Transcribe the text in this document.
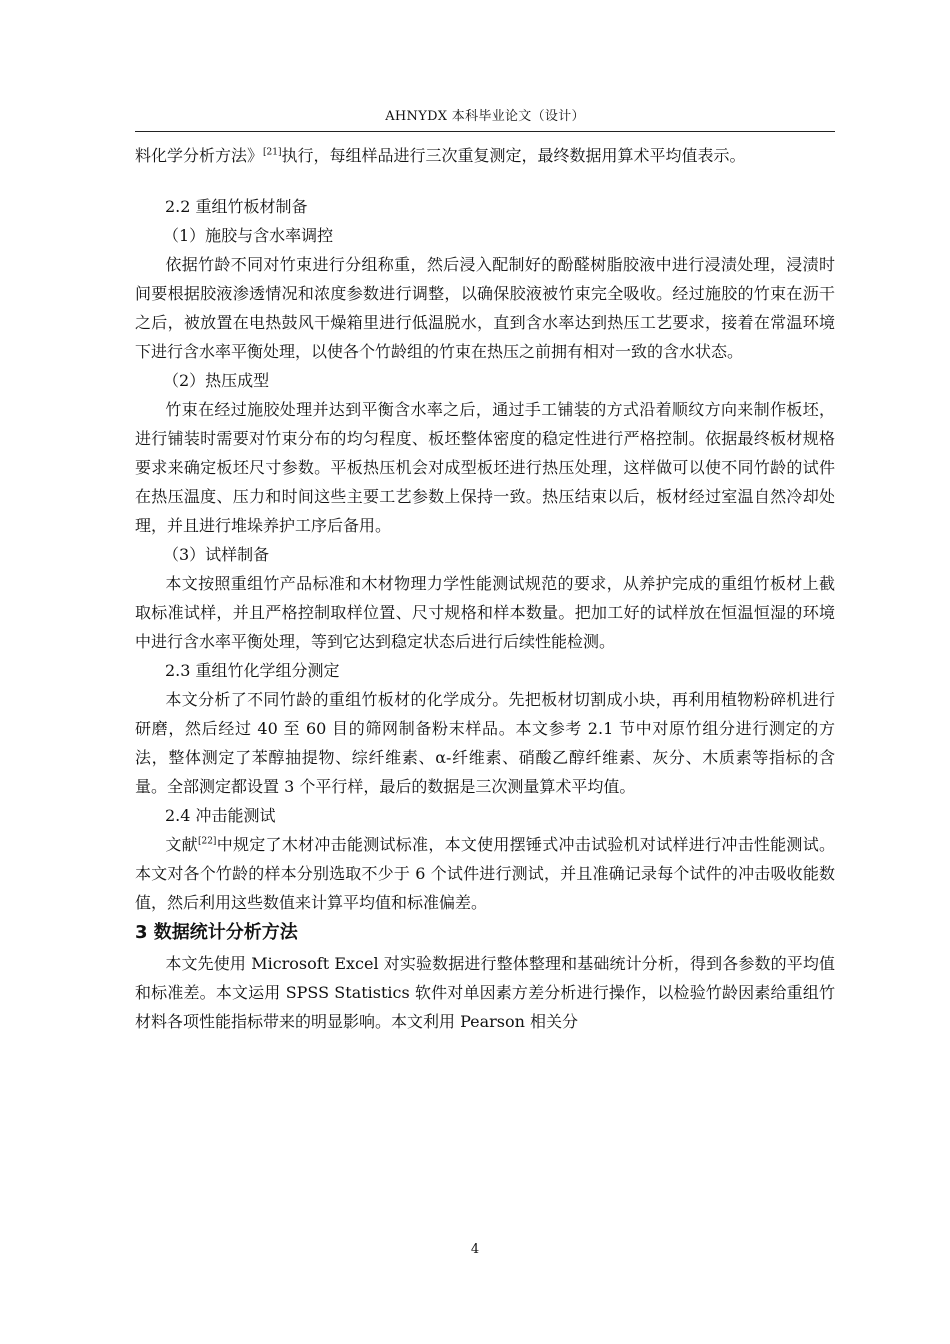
AHNYDX 本科毕业论文（设计）

料化学分析方法》[21]执行，每组样品进行三次重复测定，最终数据用算术平均值表示。

2.2 重组竹板材制备

（1）施胶与含水率调控

依据竹龄不同对竹束进行分组称重，然后浸入配制好的酚醛树脂胶液中进行浸渍处理，浸渍时间要根据胶液渗透情况和浓度参数进行调整，以确保胶液被竹束完全吸收。经过施胶的竹束在沥干之后，被放置在电热鼓风干燥箱里进行低温脱水，直到含水率达到热压工艺要求，接着在常温环境下进行含水率平衡处理，以使各个竹龄组的竹束在热压之前拥有相对一致的含水状态。

（2）热压成型

竹束在经过施胶处理并达到平衡含水率之后，通过手工铺装的方式沿着顺纹方向来制作板坯，进行铺装时需要对竹束分布的均匀程度、板坯整体密度的稳定性进行严格控制。依据最终板材规格要求来确定板坯尺寸参数。平板热压机会对成型板坯进行热压处理，这样做可以使不同竹龄的试件在热压温度、压力和时间这些主要工艺参数上保持一致。热压结束以后，板材经过室温自然冷却处理，并且进行堆垛养护工序后备用。

（3）试样制备

本文按照重组竹产品标准和木材物理力学性能测试规范的要求，从养护完成的重组竹板材上截取标准试样，并且严格控制取样位置、尺寸规格和样本数量。把加工好的试样放在恒温恒湿的环境中进行含水率平衡处理，等到它达到稳定状态后进行后续性能检测。

2.3 重组竹化学组分测定

本文分析了不同竹龄的重组竹板材的化学成分。先把板材切割成小块，再利用植物粉碎机进行研磨，然后经过 40 至 60 目的筛网制备粉末样品。本文参考 2.1 节中对原竹组分进行测定的方法，整体测定了苯醇抽提物、综纤维素、α-纤维素、硝酸乙醇纤维素、灰分、木质素等指标的含量。全部测定都设置 3 个平行样，最后的数据是三次测量算术平均值。

2.4 冲击能测试

文献[22]中规定了木材冲击能测试标准，本文使用摆锤式冲击试验机对试样进行冲击性能测试。本文对各个竹龄的样本分别选取不少于 6 个试件进行测试，并且准确记录每个试件的冲击吸收能数值，然后利用这些数值来计算平均值和标准偏差。

3 数据统计分析方法

本文先使用 Microsoft Excel 对实验数据进行整体整理和基础统计分析，得到各参数的平均值和标准差。本文运用 SPSS Statistics 软件对单因素方差分析进行操作，以检验竹龄因素给重组竹材料各项性能指标带来的明显影响。本文利用 Pearson 相关分

4
